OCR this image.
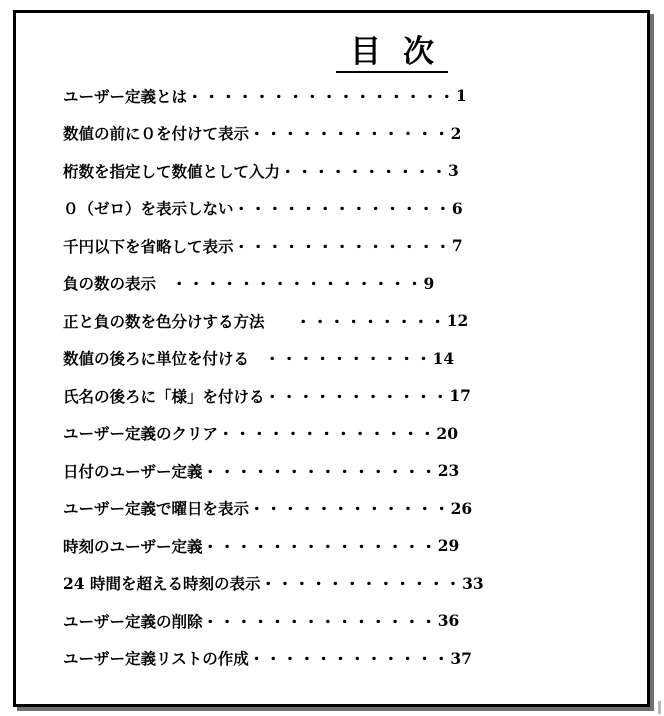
目 次
ユーザー定義とは ・・・・・・・・・・・・・・・・ 1
数値の前に０を付けて表示 ・・・・・・・・・・・・ 2
桁数を指定して数値として入力 ・・・・・・・・・・ 3
０（ゼロ）を表示しない ・・・・・・・・・・・・・ 6
千円以下を省略して表示 ・・・・・・・・・・・・・ 7
負の数の表示　 ・・・・・・・・・・・・・・・ 9
正と負の数を色分けする方法　　 ・・・・・・・・・ 12
数値の後ろに単位を付ける　 ・・・・・・・・・・ 14
氏名の後ろに「様」を付ける ・・・・・・・・・・・ 17
ユーザー定義のクリア ・・・・・・・・・・・・・ 20
日付のユーザー定義 ・・・・・・・・・・・・・・ 23
ユーザー定義で曜日を表示 ・・・・・・・・・・・・ 26
時刻のユーザー定義 ・・・・・・・・・・・・・・ 29
24 時間を超える時刻の表示 ・・・・・・・・・・・・ 33
ユーザー定義の削除 ・・・・・・・・・・・・・・ 36
ユーザー定義リストの作成 ・・・・・・・・・・・・ 37
